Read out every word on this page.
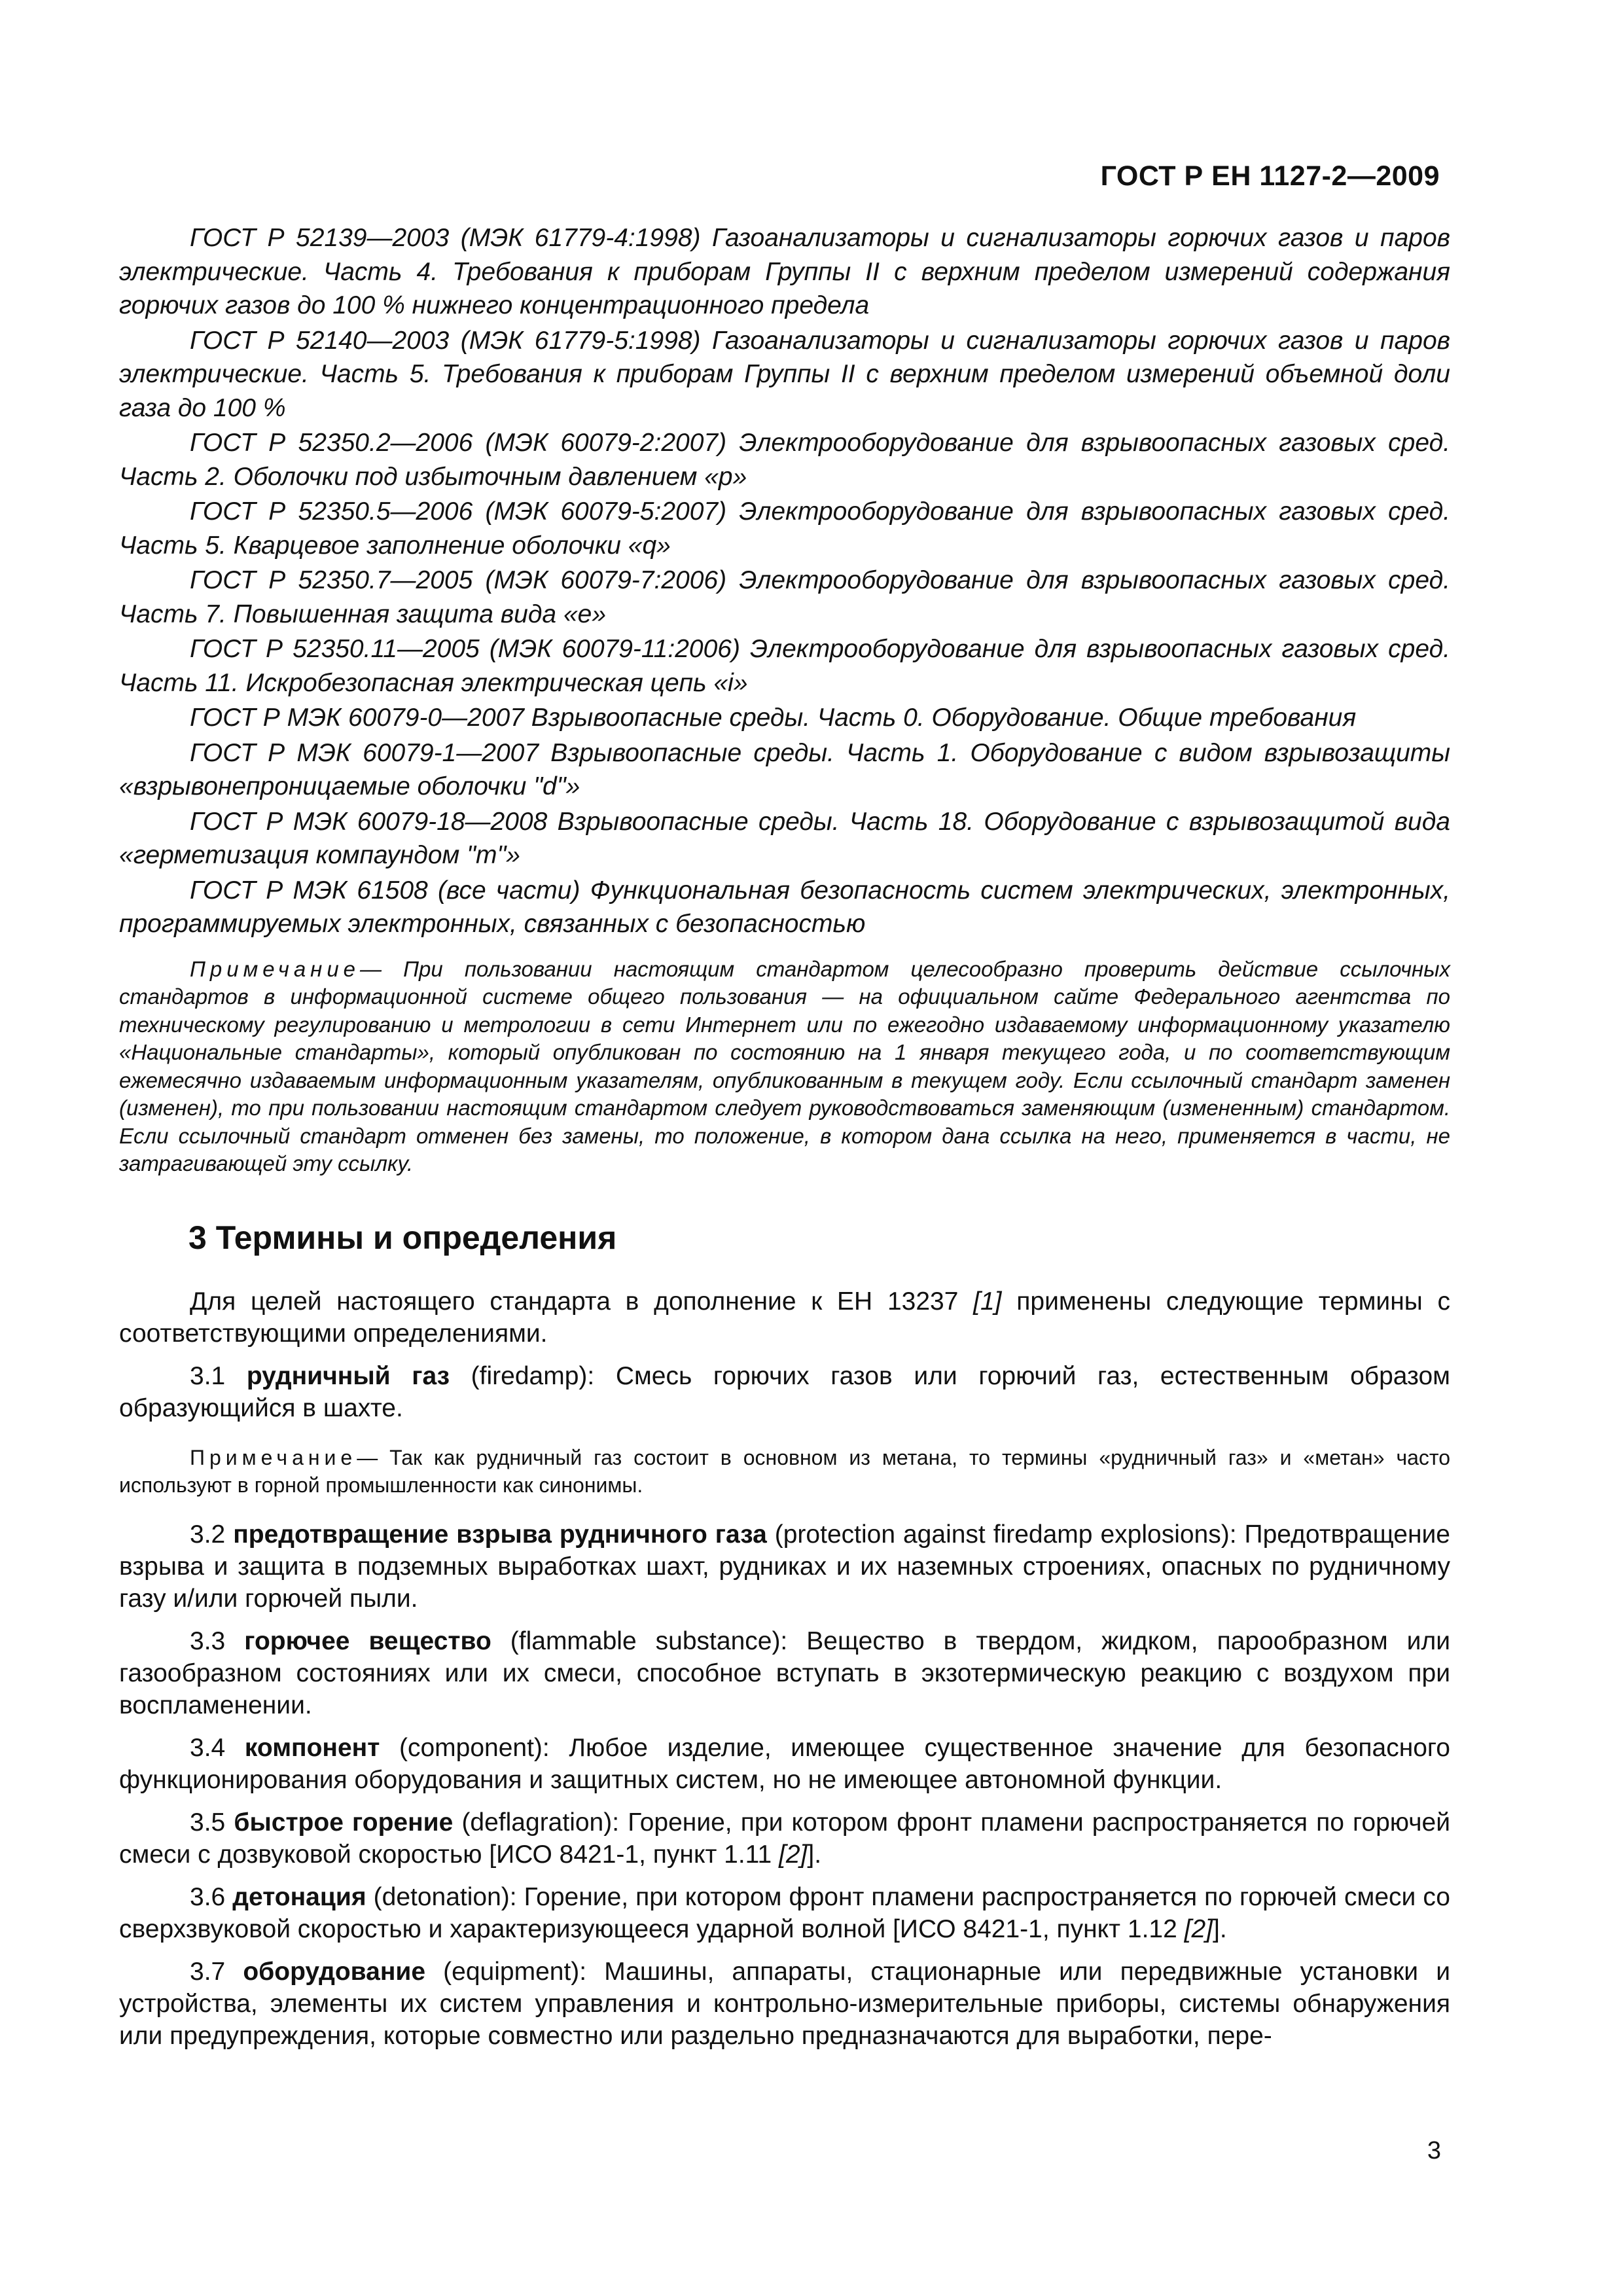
ГОСТ Р ЕН 1127-2—2009

ГОСТ Р 52139—2003 (МЭК 61779-4:1998) Газоанализаторы и сигнализаторы горючих газов и паров электрические. Часть 4. Требования к приборам Группы II с верхним пределом измерений содержания горючих газов до 100 % нижнего концентрационного предела

ГОСТ Р 52140—2003 (МЭК 61779-5:1998) Газоанализаторы и сигнализаторы горючих газов и паров электрические. Часть 5. Требования к приборам Группы II с верхним пределом измерений объемной доли газа до 100 %

ГОСТ Р 52350.2—2006 (МЭК 60079-2:2007) Электрооборудование для взрывоопасных газовых сред. Часть 2. Оболочки под избыточным давлением «р»

ГОСТ Р 52350.5—2006 (МЭК 60079-5:2007) Электрооборудование для взрывоопасных газовых сред. Часть 5. Кварцевое заполнение оболочки «q»

ГОСТ Р 52350.7—2005 (МЭК 60079-7:2006) Электрооборудование для взрывоопасных газовых сред. Часть 7. Повышенная защита вида «е»

ГОСТ Р 52350.11—2005 (МЭК 60079-11:2006) Электрооборудование для взрывоопасных газовых сред. Часть 11. Искробезопасная электрическая цепь «i»

ГОСТ Р МЭК 60079-0—2007 Взрывоопасные среды. Часть 0. Оборудование. Общие требования

ГОСТ Р МЭК 60079-1—2007 Взрывоопасные среды. Часть 1. Оборудование с видом взрывозащиты «взрывонепроницаемые оболочки "d"»

ГОСТ Р МЭК 60079-18—2008 Взрывоопасные среды. Часть 18. Оборудование с взрывозащитой вида «герметизация компаундом "m"»

ГОСТ Р МЭК 61508 (все части) Функциональная безопасность систем электрических, электронных, программируемых электронных, связанных с безопасностью

Примечание— При пользовании настоящим стандартом целесообразно проверить действие ссылочных стандартов в информационной системе общего пользования — на официальном сайте Федерального агентства по техническому регулированию и метрологии в сети Интернет или по ежегодно издаваемому информационному указателю «Национальные стандарты», который опубликован по состоянию на 1 января текущего года, и по соответствующим ежемесячно издаваемым информационным указателям, опубликованным в текущем году. Если ссылочный стандарт заменен (изменен), то при пользовании настоящим стандартом следует руководствоваться заменяющим (измененным) стандартом. Если ссылочный стандарт отменен без замены, то положение, в котором дана ссылка на него, применяется в части, не затрагивающей эту ссылку.

3 Термины и определения

Для целей настоящего стандарта в дополнение к ЕН 13237 [1] применены следующие термины с соответствующими определениями.

3.1 рудничный газ (firedamp): Смесь горючих газов или горючий газ, естественным образом образующийся в шахте.

Примечание— Так как рудничный газ состоит в основном из метана, то термины «рудничный газ» и «метан» часто используют в горной промышленности как синонимы.

3.2 предотвращение взрыва рудничного газа (protection against firedamp explosions): Предотвращение взрыва и защита в подземных выработках шахт, рудниках и их наземных строениях, опасных по рудничному газу и/или горючей пыли.

3.3 горючее вещество (flammable substance): Вещество в твердом, жидком, парообразном или газообразном состояниях или их смеси, способное вступать в экзотермическую реакцию с воздухом при воспламенении.

3.4 компонент (component): Любое изделие, имеющее существенное значение для безопасного функционирования оборудования и защитных систем, но не имеющее автономной функции.

3.5 быстрое горение (deflagration): Горение, при котором фронт пламени распространяется по горючей смеси с дозвуковой скоростью [ИСО 8421-1, пункт 1.11 [2]].

3.6 детонация (detonation): Горение, при котором фронт пламени распространяется по горючей смеси со сверхзвуковой скоростью и характеризующееся ударной волной [ИСО 8421-1, пункт 1.12 [2]].

3.7 оборудование (equipment): Машины, аппараты, стационарные или передвижные установки и устройства, элементы их систем управления и контрольно-измерительные приборы, системы обнаружения или предупреждения, которые совместно или раздельно предназначаются для выработки, пере-

3
